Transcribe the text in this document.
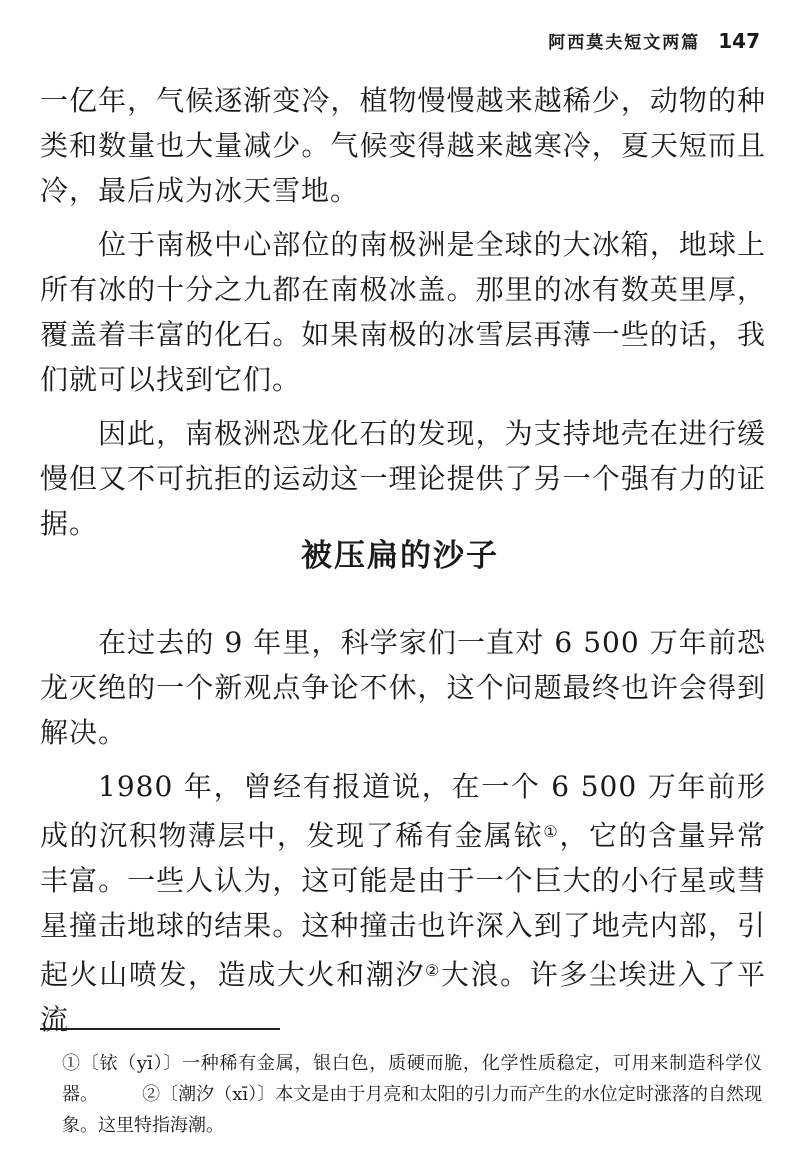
阿西莫夫短文两篇 147

一亿年，气候逐渐变冷，植物慢慢越来越稀少，动物的种类和数量也大量减少。气候变得越来越寒冷，夏天短而且冷，最后成为冰天雪地。

位于南极中心部位的南极洲是全球的大冰箱，地球上所有冰的十分之九都在南极冰盖。那里的冰有数英里厚，覆盖着丰富的化石。如果南极的冰雪层再薄一些的话，我们就可以找到它们。

因此，南极洲恐龙化石的发现，为支持地壳在进行缓慢但又不可抗拒的运动这一理论提供了另一个强有力的证据。

被压扁的沙子

在过去的 9 年里，科学家们一直对 6 500 万年前恐龙灭绝的一个新观点争论不休，这个问题最终也许会得到解决。

1980 年，曾经有报道说，在一个 6 500 万年前形成的沉积物薄层中，发现了稀有金属铱①，它的含量异常丰富。一些人认为，这可能是由于一个巨大的小行星或彗星撞击地球的结果。这种撞击也许深入到了地壳内部，引起火山喷发，造成大火和潮汐②大浪。许多尘埃进入了平流

①〔铱（yī）〕一种稀有金属，银白色，质硬而脆，化学性质稳定，可用来制造科学仪器。 ②〔潮汐（xī）〕本文是由于月亮和太阳的引力而产生的水位定时涨落的自然现象。这里特指海潮。
